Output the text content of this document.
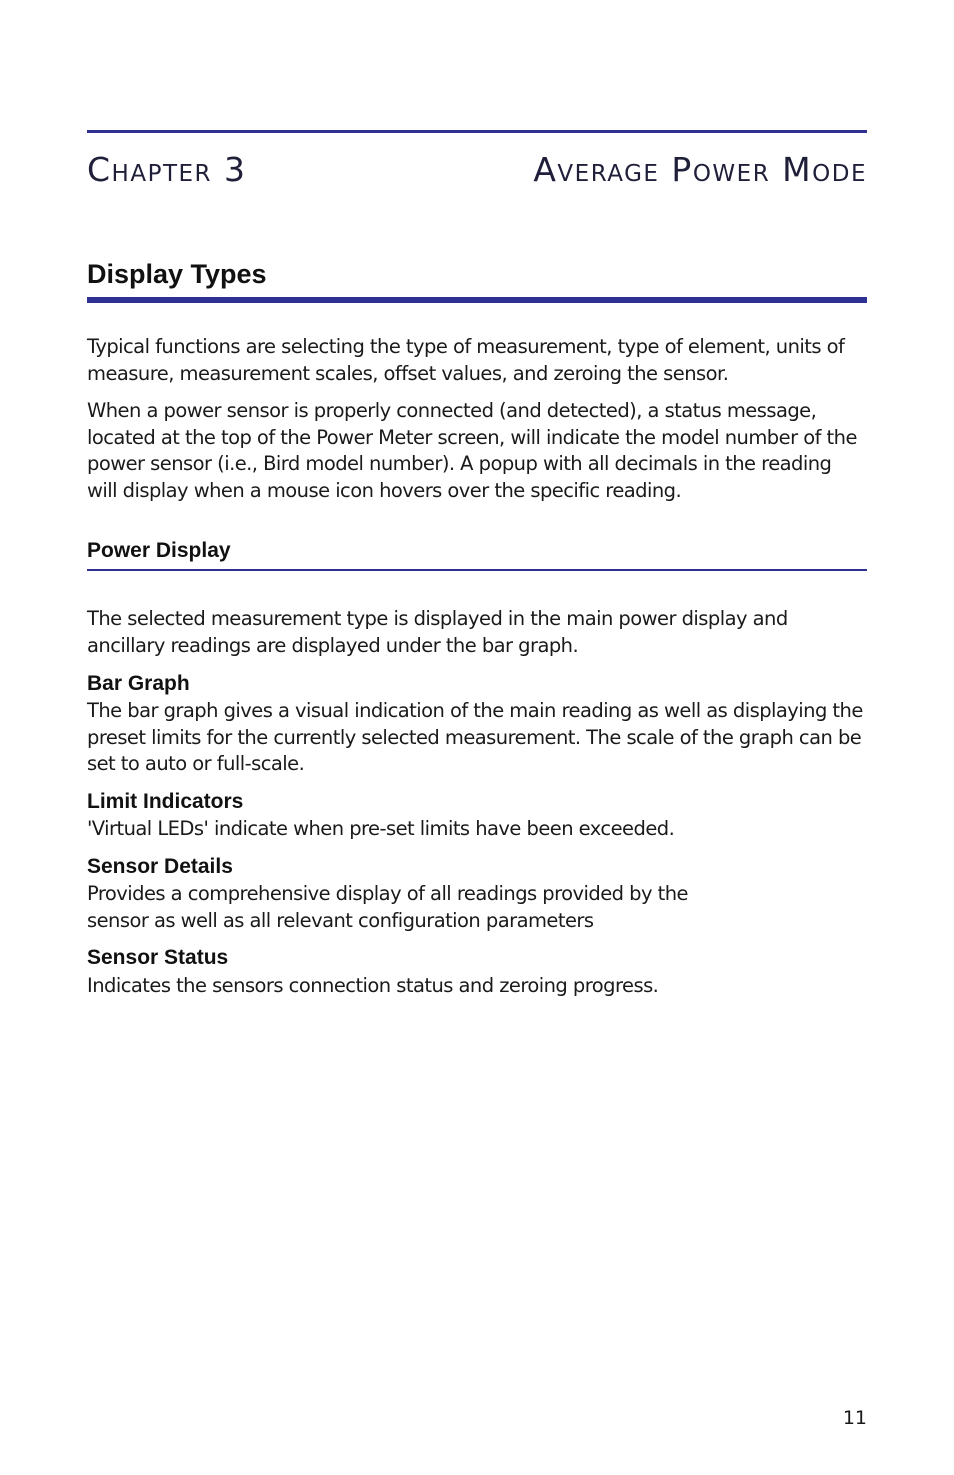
Chapter 3	Average Power Mode
Display Types

Typical functions are selecting the type of measurement, type of element, units of measure, measurement scales, offset values, and zeroing the sensor.

When a power sensor is properly connected (and detected), a status message, located at the top of the Power Meter screen, will indicate the model number of the power sensor (i.e., Bird model number). A popup with all decimals in the reading will display when a mouse icon hovers over the specific reading.

Power Display

The selected measurement type is displayed in the main power display and ancillary readings are displayed under the bar graph.

Bar Graph

The bar graph gives a visual indication of the main reading as well as displaying the preset limits for the currently selected measurement. The scale of the graph can be set to auto or full-scale.

Limit Indicators

'Virtual LEDs' indicate when pre-set limits have been exceeded.

Sensor Details

Provides a comprehensive display of all readings provided by the sensor as well as all relevant configuration parameters

Sensor Status

Indicates the sensors connection status and zeroing progress.

11
